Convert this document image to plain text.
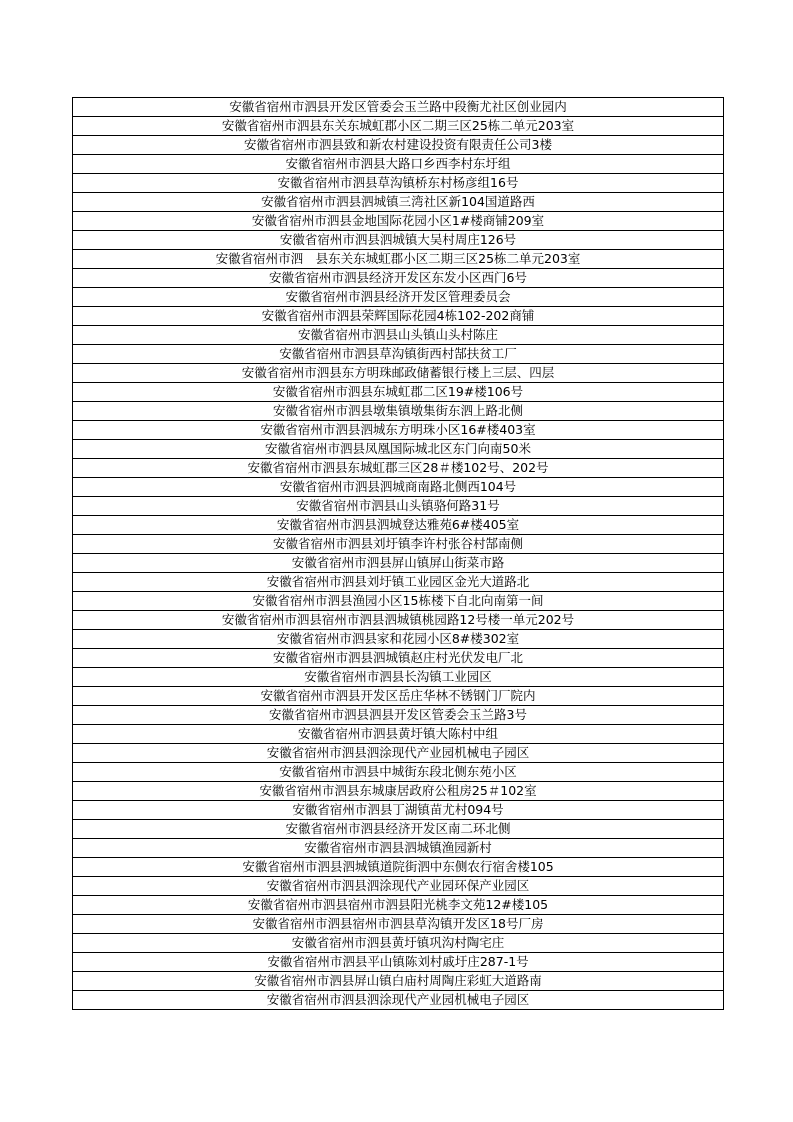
安徽省宿州市泗县开发区管委会玉兰路中段衡尤社区创业园内
安徽省宿州市泗县东关东城虹郡小区二期三区25栋二单元203室
安徽省宿州市泗县致和新农村建设投资有限责任公司3楼
安徽省宿州市泗县大路口乡西李村东圩组
安徽省宿州市泗县草沟镇桥东村杨彦组16号
安徽省宿州市泗县泗城镇三湾社区新104国道路西
安徽省宿州市泗县金地国际花园小区1#楼商铺209室
安徽省宿州市泗县泗城镇大吴村周庄126号
安徽省宿州市泗　县东关东城虹郡小区二期三区25栋二单元203室
安徽省宿州市泗县经济开发区东发小区西门6号
安徽省宿州市泗县经济开发区管理委员会
安徽省宿州市泗县荣辉国际花园4栋102-202商铺
安徽省宿州市泗县山头镇山头村陈庄
安徽省宿州市泗县草沟镇街西村郜扶贫工厂
安徽省宿州市泗县东方明珠邮政储蓄银行楼上三层、四层
安徽省宿州市泗县东城虹郡二区19#楼106号
安徽省宿州市泗县墩集镇墩集街东泗上路北侧
安徽省宿州市泗县泗城东方明珠小区16#楼403室
安徽省宿州市泗县凤凰国际城北区东门向南50米
安徽省宿州市泗县东城虹郡三区28＃楼102号、202号
安徽省宿州市泗县泗城商南路北侧西104号
安徽省宿州市泗县山头镇骆何路31号
安徽省宿州市泗县泗城登达雅苑6#楼405室
安徽省宿州市泗县刘圩镇李许村张谷村郜南侧
安徽省宿州市泗县屏山镇屏山街菜市路
安徽省宿州市泗县刘圩镇工业园区金光大道路北
安徽省宿州市泗县渔园小区15栋楼下自北向南第一间
安徽省宿州市泗县宿州市泗县泗城镇桃园路12号楼一单元202号
安徽省宿州市泗县家和花园小区8#楼302室
安徽省宿州市泗县泗城镇赵庄村光伏发电厂北
安徽省宿州市泗县长沟镇工业园区
安徽省宿州市泗县开发区岳庄华林不锈钢门厂院内
安徽省宿州市泗县泗县开发区管委会玉兰路3号
安徽省宿州市泗县黄圩镇大陈村中组
安徽省宿州市泗县泗涂现代产业园机械电子园区
安徽省宿州市泗县中城街东段北侧东苑小区
安徽省宿州市泗县东城康居政府公租房25＃102室
安徽省宿州市泗县丁湖镇苗尤村094号
安徽省宿州市泗县经济开发区南二环北侧
安徽省宿州市泗县泗城镇渔园新村
安徽省宿州市泗县泗城镇道院街泗中东侧农行宿舍楼105
安徽省宿州市泗县泗涂现代产业园环保产业园区
安徽省宿州市泗县宿州市泗县阳光桃李文苑12#楼105
安徽省宿州市泗县宿州市泗县草沟镇开发区18号厂房
安徽省宿州市泗县黄圩镇巩沟村陶宅庄
安徽省宿州市泗县平山镇陈刘村戚圩庄287-1号
安徽省宿州市泗县屏山镇白庙村周陶庄彩虹大道路南
安徽省宿州市泗县泗涂现代产业园机械电子园区
